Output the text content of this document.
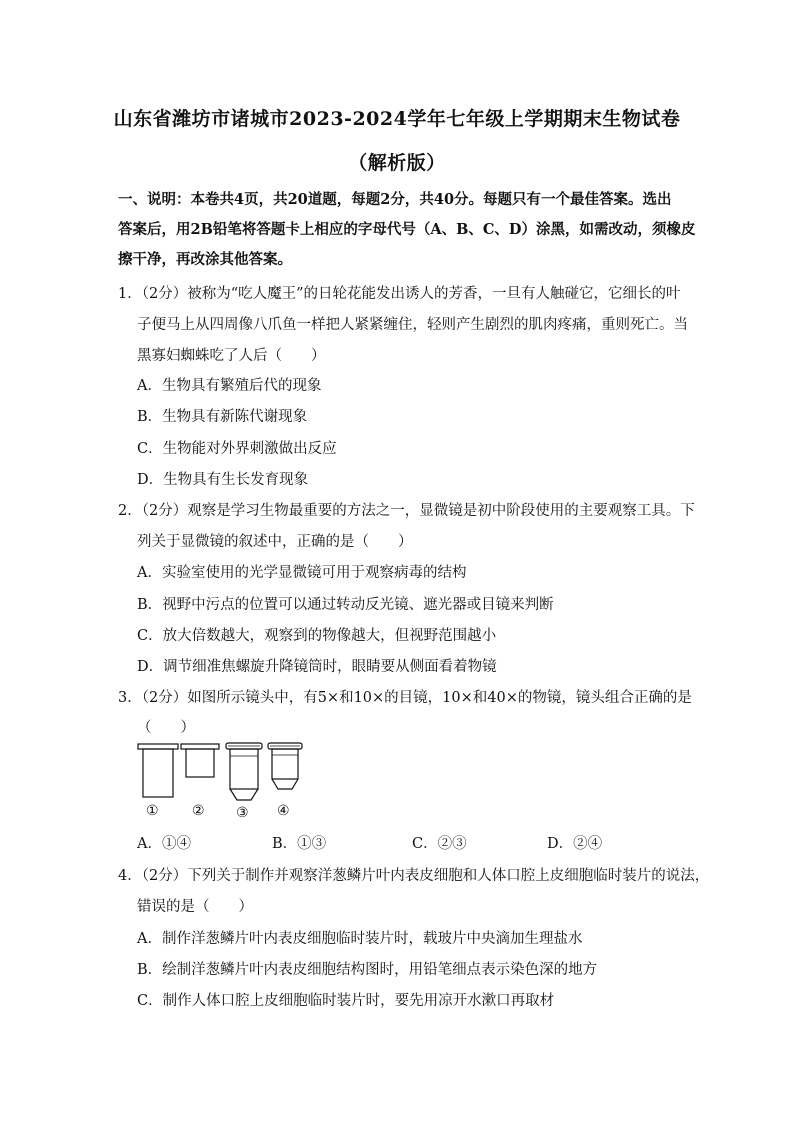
山东省潍坊市诸城市2023-2024学年七年级上学期期末生物试卷
（解析版）
一、说明：本卷共4页，共20道题，每题2分，共40分。每题只有一个最佳答案。选出
答案后，用2B铅笔将答题卡上相应的字母代号（A、B、C、D）涂黑，如需改动，须橡皮
擦干净，再改涂其他答案。
1．（2分）被称为“吃人魔王”的日轮花能发出诱人的芳香，一旦有人触碰它，它细长的叶
子便马上从四周像八爪鱼一样把人紧紧缠住，轻则产生剧烈的肌肉疼痛，重则死亡。当
黑寡妇蜘蛛吃了人后（　　）
A．生物具有繁殖后代的现象
B．生物具有新陈代谢现象
C．生物能对外界刺激做出反应
D．生物具有生长发育现象
2．（2分）观察是学习生物最重要的方法之一，显微镜是初中阶段使用的主要观察工具。下
列关于显微镜的叙述中，正确的是（　　）
A．实验室使用的光学显微镜可用于观察病毒的结构
B．视野中污点的位置可以通过转动反光镜、遮光器或目镜来判断
C．放大倍数越大，观察到的物像越大，但视野范围越小
D．调节细准焦螺旋升降镜筒时，眼睛要从侧面看着物镜
3．（2分）如图所示镜头中，有5×和10×的目镜，10×和40×的物镜，镜头组合正确的是
（　　）
① ② ③ ④
A．①④	B．①③	C．②③	D．②④
4．（2分）下列关于制作并观察洋葱鳞片叶内表皮细胞和人体口腔上皮细胞临时装片的说法，
错误的是（　　）
A．制作洋葱鳞片叶内表皮细胞临时装片时，载玻片中央滴加生理盐水
B．绘制洋葱鳞片叶内表皮细胞结构图时，用铅笔细点表示染色深的地方
C．制作人体口腔上皮细胞临时装片时，要先用凉开水漱口再取材
